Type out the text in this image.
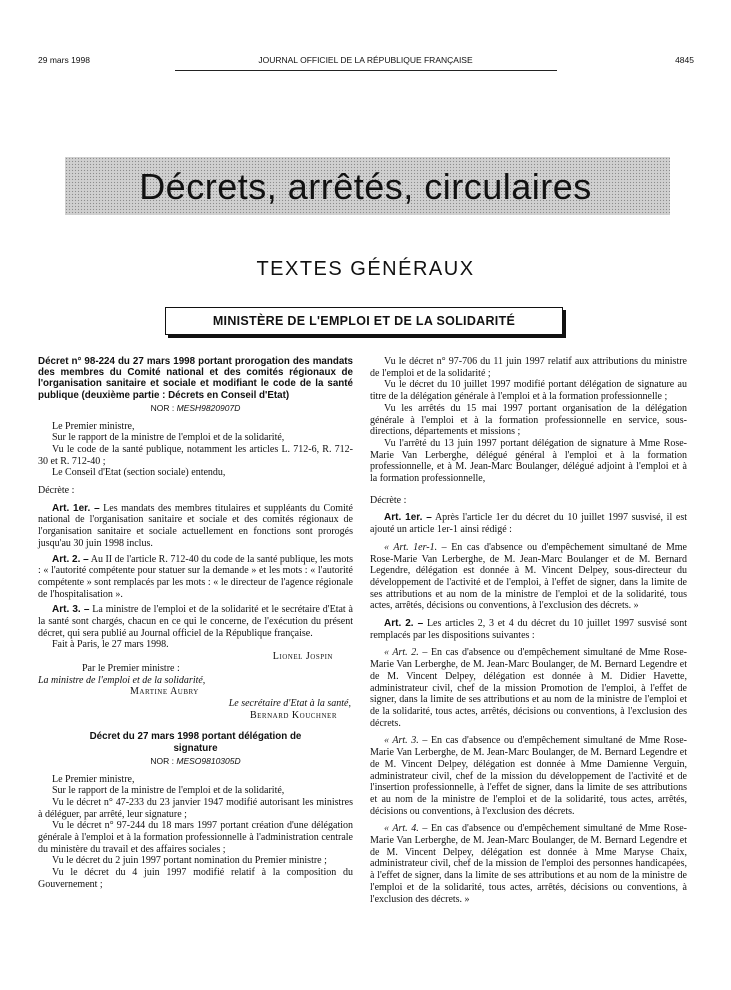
29 mars 1998	JOURNAL OFFICIEL DE LA RÉPUBLIQUE FRANÇAISE	4845
Décrets, arrêtés, circulaires
TEXTES GÉNÉRAUX
MINISTÈRE DE L'EMPLOI ET DE LA SOLIDARITÉ
Décret n° 98-224 du 27 mars 1998 portant prorogation des mandats des membres du Comité national et des comités régionaux de l'organisation sanitaire et sociale et modifiant le code de la santé publique (deuxième partie : Décrets en Conseil d'Etat)
NOR : MESH9820907D

Le Premier ministre,

Sur le rapport de la ministre de l'emploi et de la solidarité,

Vu le code de la santé publique, notamment les articles L. 712-6, R. 712-30 et R. 712-40 ;

Le Conseil d'Etat (section sociale) entendu,

Décrète :

Art. 1er. – Les mandats des membres titulaires et suppléants du Comité national de l'organisation sanitaire et sociale et des comités régionaux de l'organisation sanitaire et sociale actuellement en fonctions sont prorogés jusqu'au 30 juin 1998 inclus.

Art. 2. – Au II de l'article R. 712-40 du code de la santé publique, les mots : « l'autorité compétente pour statuer sur la demande » et les mots : « l'autorité compétente » sont remplacés par les mots : « le directeur de l'agence régionale de l'hospitalisation ».

Art. 3. – La ministre de l'emploi et de la solidarité et le secrétaire d'Etat à la santé sont chargés, chacun en ce qui le concerne, de l'exécution du présent décret, qui sera publié au Journal officiel de la République française.

Fait à Paris, le 27 mars 1998.

Lionel Jospin

Par le Premier ministre :

La ministre de l'emploi et de la solidarité,

Martine Aubry

Le secrétaire d'Etat à la santé,

Bernard Kouchner

Décret du 27 mars 1998 portant délégation de signature
NOR : MESO9810305D

Le Premier ministre,

Sur le rapport de la ministre de l'emploi et de la solidarité,

Vu le décret n° 47-233 du 23 janvier 1947 modifié autorisant les ministres à déléguer, par arrêté, leur signature ;

Vu le décret n° 97-244 du 18 mars 1997 portant création d'une délégation générale à l'emploi et à la formation professionnelle à l'administration centrale du ministère du travail et des affaires sociales ;

Vu le décret du 2 juin 1997 portant nomination du Premier ministre ;

Vu le décret du 4 juin 1997 modifié relatif à la composition du Gouvernement ;

Vu le décret n° 97-706 du 11 juin 1997 relatif aux attributions du ministre de l'emploi et de la solidarité ;

Vu le décret du 10 juillet 1997 modifié portant délégation de signature au titre de la délégation générale à l'emploi et à la formation professionnelle ;

Vu les arrêtés du 15 mai 1997 portant organisation de la délégation générale à l'emploi et à la formation professionnelle en service, sous-directions, départements et missions ;

Vu l'arrêté du 13 juin 1997 portant délégation de signature à Mme Rose-Marie Van Lerberghe, délégué général à l'emploi et à la formation professionnelle, et à M. Jean-Marc Boulanger, délégué adjoint à l'emploi et à la formation professionnelle,

Décrète :

Art. 1er. – Après l'article 1er du décret du 10 juillet 1997 susvisé, il est ajouté un article 1er-1 ainsi rédigé :

« Art. 1er-1. – En cas d'absence ou d'empêchement simultané de Mme Rose-Marie Van Lerberghe, de M. Jean-Marc Boulanger et de M. Bernard Legendre, délégation est donnée à M. Vincent Delpey, sous-directeur du développement de l'activité et de l'emploi, à l'effet de signer, dans la limite de ses attributions et au nom de la ministre de l'emploi et de la solidarité, tous actes, arrêtés, décisions ou conventions, à l'exclusion des décrets. »

Art. 2. – Les articles 2, 3 et 4 du décret du 10 juillet 1997 susvisé sont remplacés par les dispositions suivantes :

« Art. 2. – En cas d'absence ou d'empêchement simultané de Mme Rose-Marie Van Lerberghe, de M. Jean-Marc Boulanger, de M. Bernard Legendre et de M. Vincent Delpey, délégation est donnée à M. Didier Havette, administrateur civil, chef de la mission Promotion de l'emploi, à l'effet de signer, dans la limite de ses attributions et au nom de la ministre de l'emploi et de la solidarité, tous actes, arrêtés, décisions ou conventions, à l'exclusion des décrets.

« Art. 3. – En cas d'absence ou d'empêchement simultané de Mme Rose-Marie Van Lerberghe, de M. Jean-Marc Boulanger, de M. Bernard Legendre et de M. Vincent Delpey, délégation est donnée à Mme Damienne Verguin, administrateur civil, chef de la mission du développement de l'activité et de l'insertion professionnelle, à l'effet de signer, dans la limite de ses attributions et au nom de la ministre de l'emploi et de la solidarité, tous actes, arrêtés, décisions ou conventions, à l'exclusion des décrets.

« Art. 4. – En cas d'absence ou d'empêchement simultané de Mme Rose-Marie Van Lerberghe, de M. Jean-Marc Boulanger, de M. Bernard Legendre et de M. Vincent Delpey, délégation est donnée à Mme Maryse Chaix, administrateur civil, chef de la mission de l'emploi des personnes handicapées, à l'effet de signer, dans la limite de ses attributions et au nom de la ministre de l'emploi et de la solidarité, tous actes, arrêtés, décisions ou conventions, à l'exclusion des décrets. »
